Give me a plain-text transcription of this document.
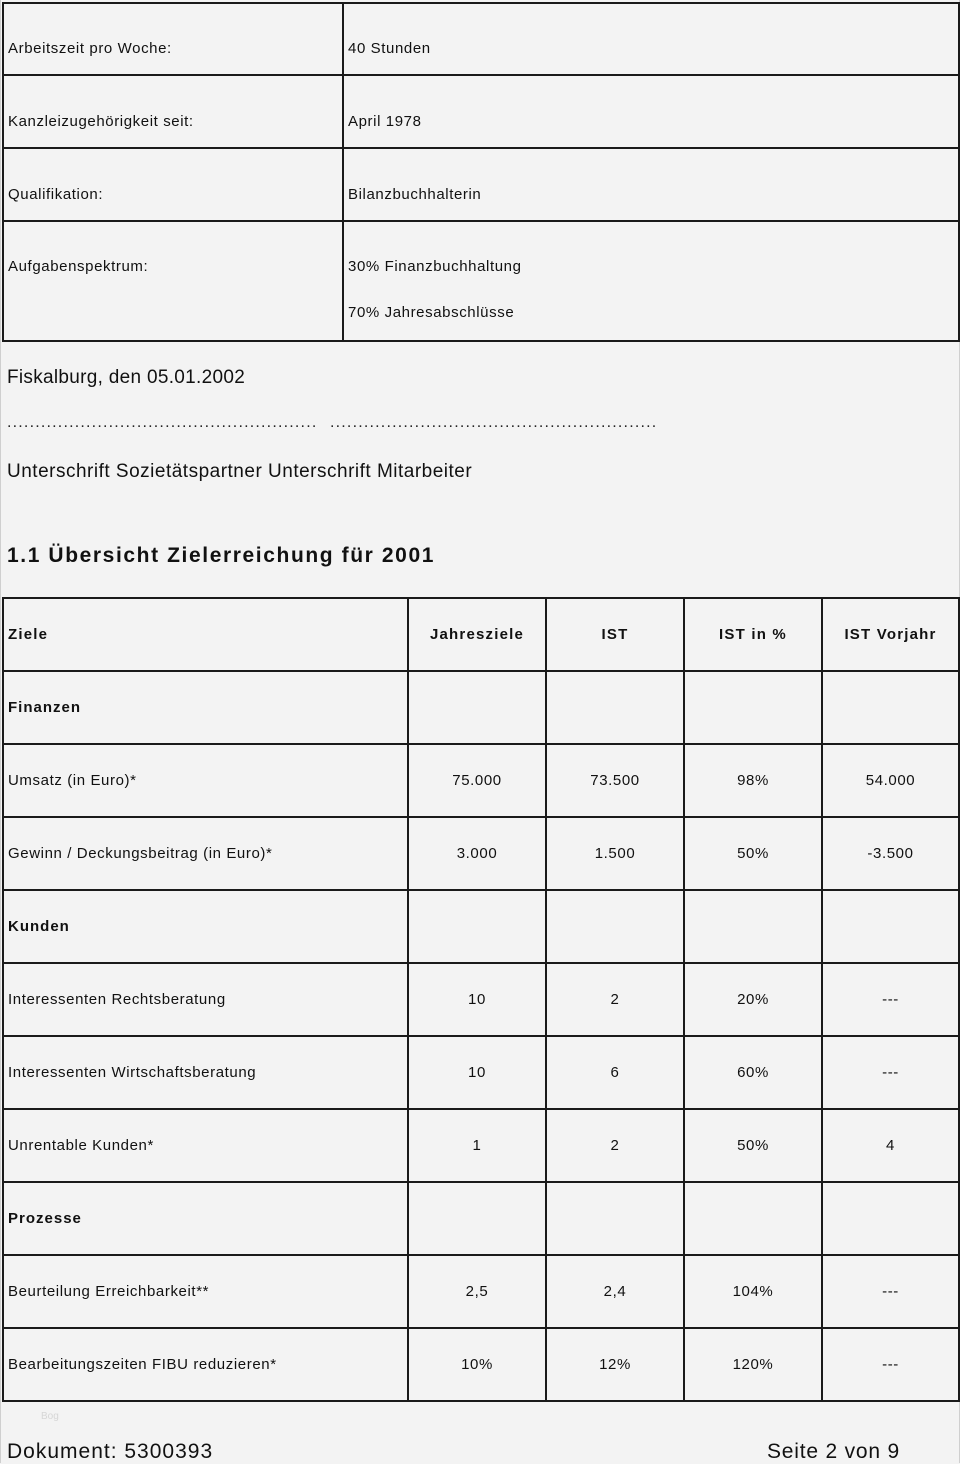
Arbeitszeit pro Woche:	40 Stunden
Kanzleizugehörigkeit seit:	April 1978
Qualifikation:	Bilanzbuchhalterin
Aufgabenspektrum:	30% Finanzbuchhaltung
70% Jahresabschlüsse
Fiskalburg, den 05.01.2002
....................................................... ..........................................................
Unterschrift Sozietätspartner Unterschrift Mitarbeiter
1.1 Übersicht Zielerreichung für 2001
Ziele	Jahresziele	IST	IST in %	IST Vorjahr
Finanzen				
Umsatz (in Euro)*	75.000	73.500	98%	54.000
Gewinn / Deckungsbeitrag (in Euro)*	3.000	1.500	50%	-3.500
Kunden				
Interessenten Rechtsberatung	10	2	20%	---
Interessenten Wirtschaftsberatung	10	6	60%	---
Unrentable Kunden*	1	2	50%	4
Prozesse				
Beurteilung Erreichbarkeit**	2,5	2,4	104%	---
Bearbeitungszeiten FIBU reduzieren*	10%	12%	120%	---
Bog
Dokument: 5300393	Seite 2 von 9
